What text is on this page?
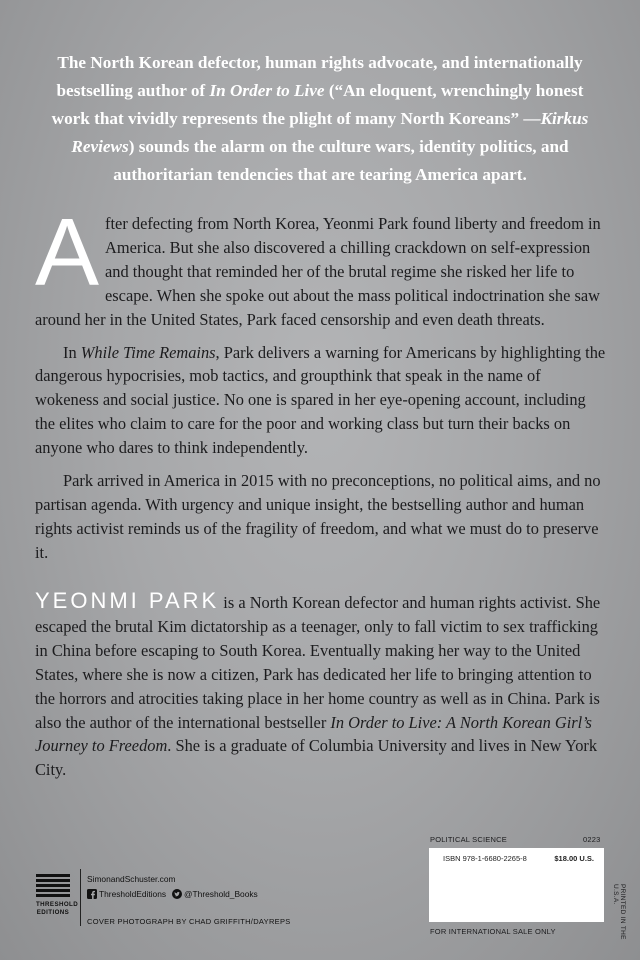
The North Korean defector, human rights advocate, and internationally bestselling author of In Order to Live (“An eloquent, wrenchingly honest work that vividly represents the plight of many North Koreans” —Kirkus Reviews) sounds the alarm on the culture wars, identity politics, and authoritarian tendencies that are tearing America apart.

After defecting from North Korea, Yeonmi Park found liberty and freedom in America. But she also discovered a chilling crackdown on self-expression and thought that reminded her of the brutal regime she risked her life to escape. When she spoke out about the mass political indoctrination she saw around her in the United States, Park faced censorship and even death threats.

In While Time Remains, Park delivers a warning for Americans by highlighting the dangerous hypocrisies, mob tactics, and groupthink that speak in the name of wokeness and social justice. No one is spared in her eye-opening account, including the elites who claim to care for the poor and working class but turn their backs on anyone who dares to think independently.

Park arrived in America in 2015 with no preconceptions, no political aims, and no partisan agenda. With urgency and unique insight, the bestselling author and human rights activist reminds us of the fragility of freedom, and what we must do to preserve it.

YEONMI PARK is a North Korean defector and human rights activist. She escaped the brutal Kim dictatorship as a teenager, only to fall victim to sex trafficking in China before escaping to South Korea. Eventually making her way to the United States, where she is now a citizen, Park has dedicated her life to bringing attention to the horrors and atrocities taking place in her home country as well as in China. Park is also the author of the international bestseller In Order to Live: A North Korean Girl’s Journey to Freedom. She is a graduate of Columbia University and lives in New York City.
POLITICAL SCIENCE	0223
ISBN 978-1-6680-2265-8	$18.00 U.S.
FOR INTERNATIONAL SALE ONLY	PRINTED IN THE U.S.A.
THRESHOLD
EDITIONS
SimonandSchuster.com
ThresholdEditions @Threshold_Books
COVER PHOTOGRAPH BY CHAD GRIFFITH/DAYREPS
